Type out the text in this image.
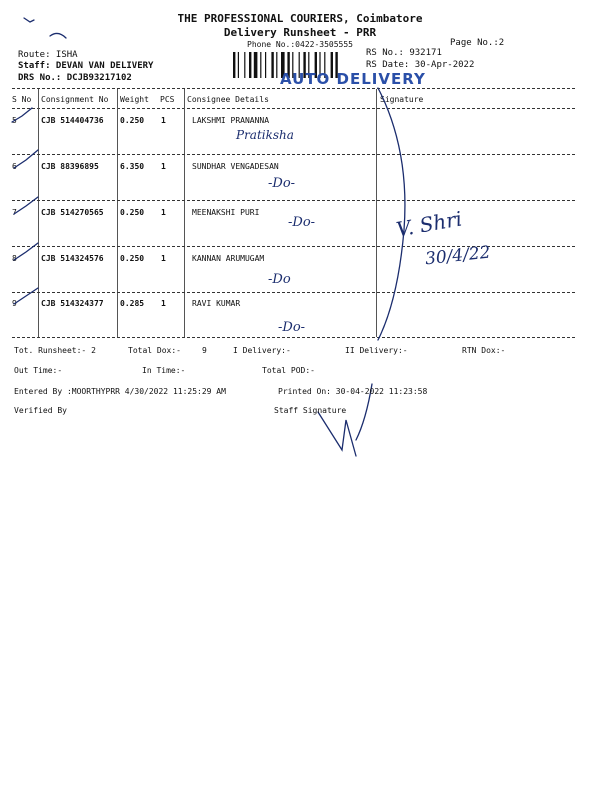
THE PROFESSIONAL COURIERS, Coimbatore
Delivery Runsheet - PRR
Phone No.:0422-3505555	Page No.:2
Route: ISHA
Staff: DEVAN VAN DELIVERY
DRS No.: DCJB93217102
RS No.: 932171
RS Date: 30-Apr-2022
AUTO DELIVERY
S No Consignment No Weight PCS Consignee Details	Signature
5	CJB 514404736 0.250 1	LAKSHMI PRANANNA
Pratiksha
6	CJB 88396895	6.350 1	SUNDHAR VENGADESAN
-Do-
7	CJB 514270565 0.250 1	MEENAKSHI PURI
-Do-
8	CJB 514324576 0.250 1	KANNAN ARUMUGAM
-Do
9	CJB 514324377 0.285 1	RAVI KUMAR
-Do-
V. Shri
30/4/22
Tot. Runsheet:- 2	Total Dox:-	9	I Delivery:-	II Delivery:-	RTN Dox:-
Out Time:-	In Time:-	Total POD:-
Entered By :MOORTHYPRR 4/30/2022 11:25:29 AM	Printed On: 30-04-2022 11:23:58
Verified By	Staff Signature
